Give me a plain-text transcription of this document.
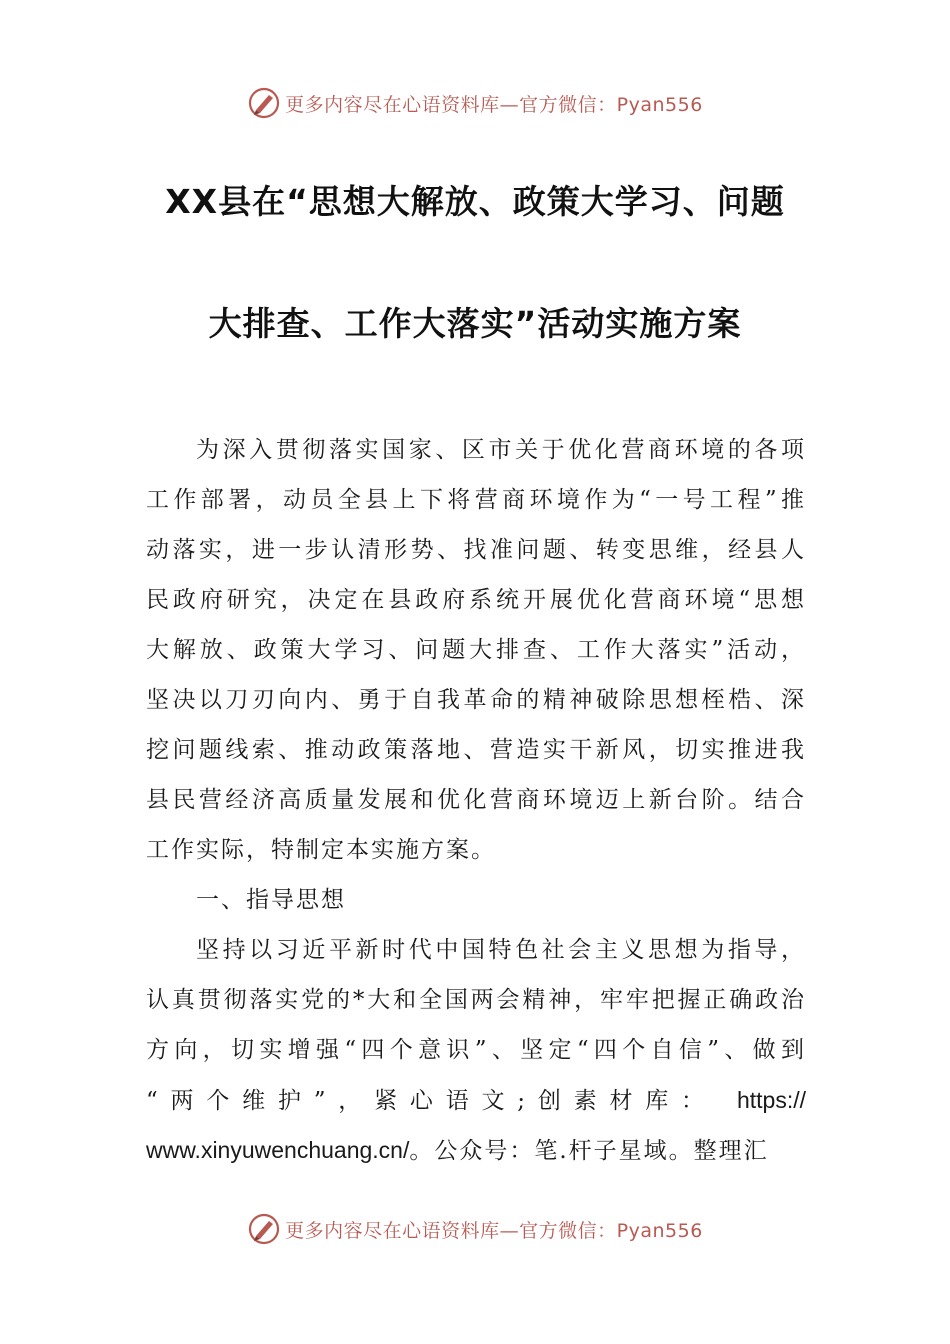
更多内容尽在心语资料库—官方微信：Pyan556
XX县在“思想大解放、政策大学习、问题
大排查、工作大落实”活动实施方案
为深入贯彻落实国家、区市关于优化营商环境的各项
工作部署，动员全县上下将营商环境作为“一号工程”推
动落实，进一步认清形势、找准问题、转变思维，经县人
民政府研究，决定在县政府系统开展优化营商环境“思想
大解放、政策大学习、问题大排查、工作大落实”活动，
坚决以刀刃向内、勇于自我革命的精神破除思想桎梏、深
挖问题线索、推动政策落地、营造实干新风，切实推进我
县民营经济高质量发展和优化营商环境迈上新台阶。结合
工作实际，特制定本实施方案。
一、指导思想
坚持以习近平新时代中国特色社会主义思想为指导，
认真贯彻落实党的*大和全国两会精神，牢牢把握正确政治
方向，切实增强“四个意识”、坚定“四个自信”、做到
“两个维护”，紧心语文;创素材库： https://
www.xinyuwenchuang.cn/。公众号：笔.杆子星域。整理汇
更多内容尽在心语资料库—官方微信：Pyan556
